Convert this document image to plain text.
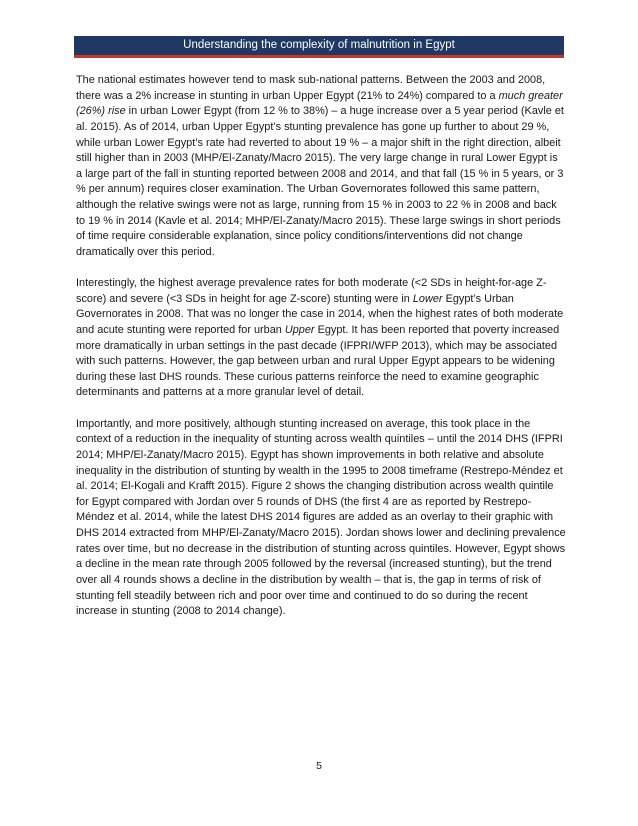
Understanding the complexity of malnutrition in Egypt

The national estimates however tend to mask sub-national patterns. Between the 2003 and 2008, there was a 2% increase in stunting in urban Upper Egypt (21% to 24%) compared to a much greater (26%) rise in urban Lower Egypt (from 12 % to 38%) – a huge increase over a 5 year period (Kavle et al. 2015). As of 2014, urban Upper Egypt’s stunting prevalence has gone up further to about 29 %, while urban Lower Egypt’s rate had reverted to about 19 % – a major shift in the right direction, albeit still higher than in 2003 (MHP/El-Zanaty/Macro 2015). The very large change in rural Lower Egypt is a large part of the fall in stunting reported between 2008 and 2014, and that fall (15 % in 5 years, or 3 % per annum) requires closer examination. The Urban Governorates followed this same pattern, although the relative swings were not as large, running from 15 % in 2003 to 22 % in 2008 and back to 19 % in 2014 (Kavle et al. 2014; MHP/El-Zanaty/Macro 2015). These large swings in short periods of time require considerable explanation, since policy conditions/interventions did not change dramatically over this period.

Interestingly, the highest average prevalence rates for both moderate (<2 SDs in height-for-age Z-score) and severe (<3 SDs in height for age Z-score) stunting were in Lower Egypt’s Urban Governorates in 2008. That was no longer the case in 2014, when the highest rates of both moderate and acute stunting were reported for urban Upper Egypt. It has been reported that poverty increased more dramatically in urban settings in the past decade (IFPRI/WFP 2013), which may be associated with such patterns. However, the gap between urban and rural Upper Egypt appears to be widening during these last DHS rounds. These curious patterns reinforce the need to examine geographic determinants and patterns at a more granular level of detail.

Importantly, and more positively, although stunting increased on average, this took place in the context of a reduction in the inequality of stunting across wealth quintiles – until the 2014 DHS (IFPRI 2014; MHP/El-Zanaty/Macro 2015). Egypt has shown improvements in both relative and absolute inequality in the distribution of stunting by wealth in the 1995 to 2008 timeframe (Restrepo-Méndez et al. 2014; El-Kogali and Krafft 2015). Figure 2 shows the changing distribution across wealth quintile for Egypt compared with Jordan over 5 rounds of DHS (the first 4 are as reported by Restrepo-Méndez et al. 2014, while the latest DHS 2014 figures are added as an overlay to their graphic with DHS 2014 extracted from MHP/El-Zanaty/Macro 2015). Jordan shows lower and declining prevalence rates over time, but no decrease in the distribution of stunting across quintiles. However, Egypt shows a decline in the mean rate through 2005 followed by the reversal (increased stunting), but the trend over all 4 rounds shows a decline in the distribution by wealth – that is, the gap in terms of risk of stunting fell steadily between rich and poor over time and continued to do so during the recent increase in stunting (2008 to 2014 change).

5
